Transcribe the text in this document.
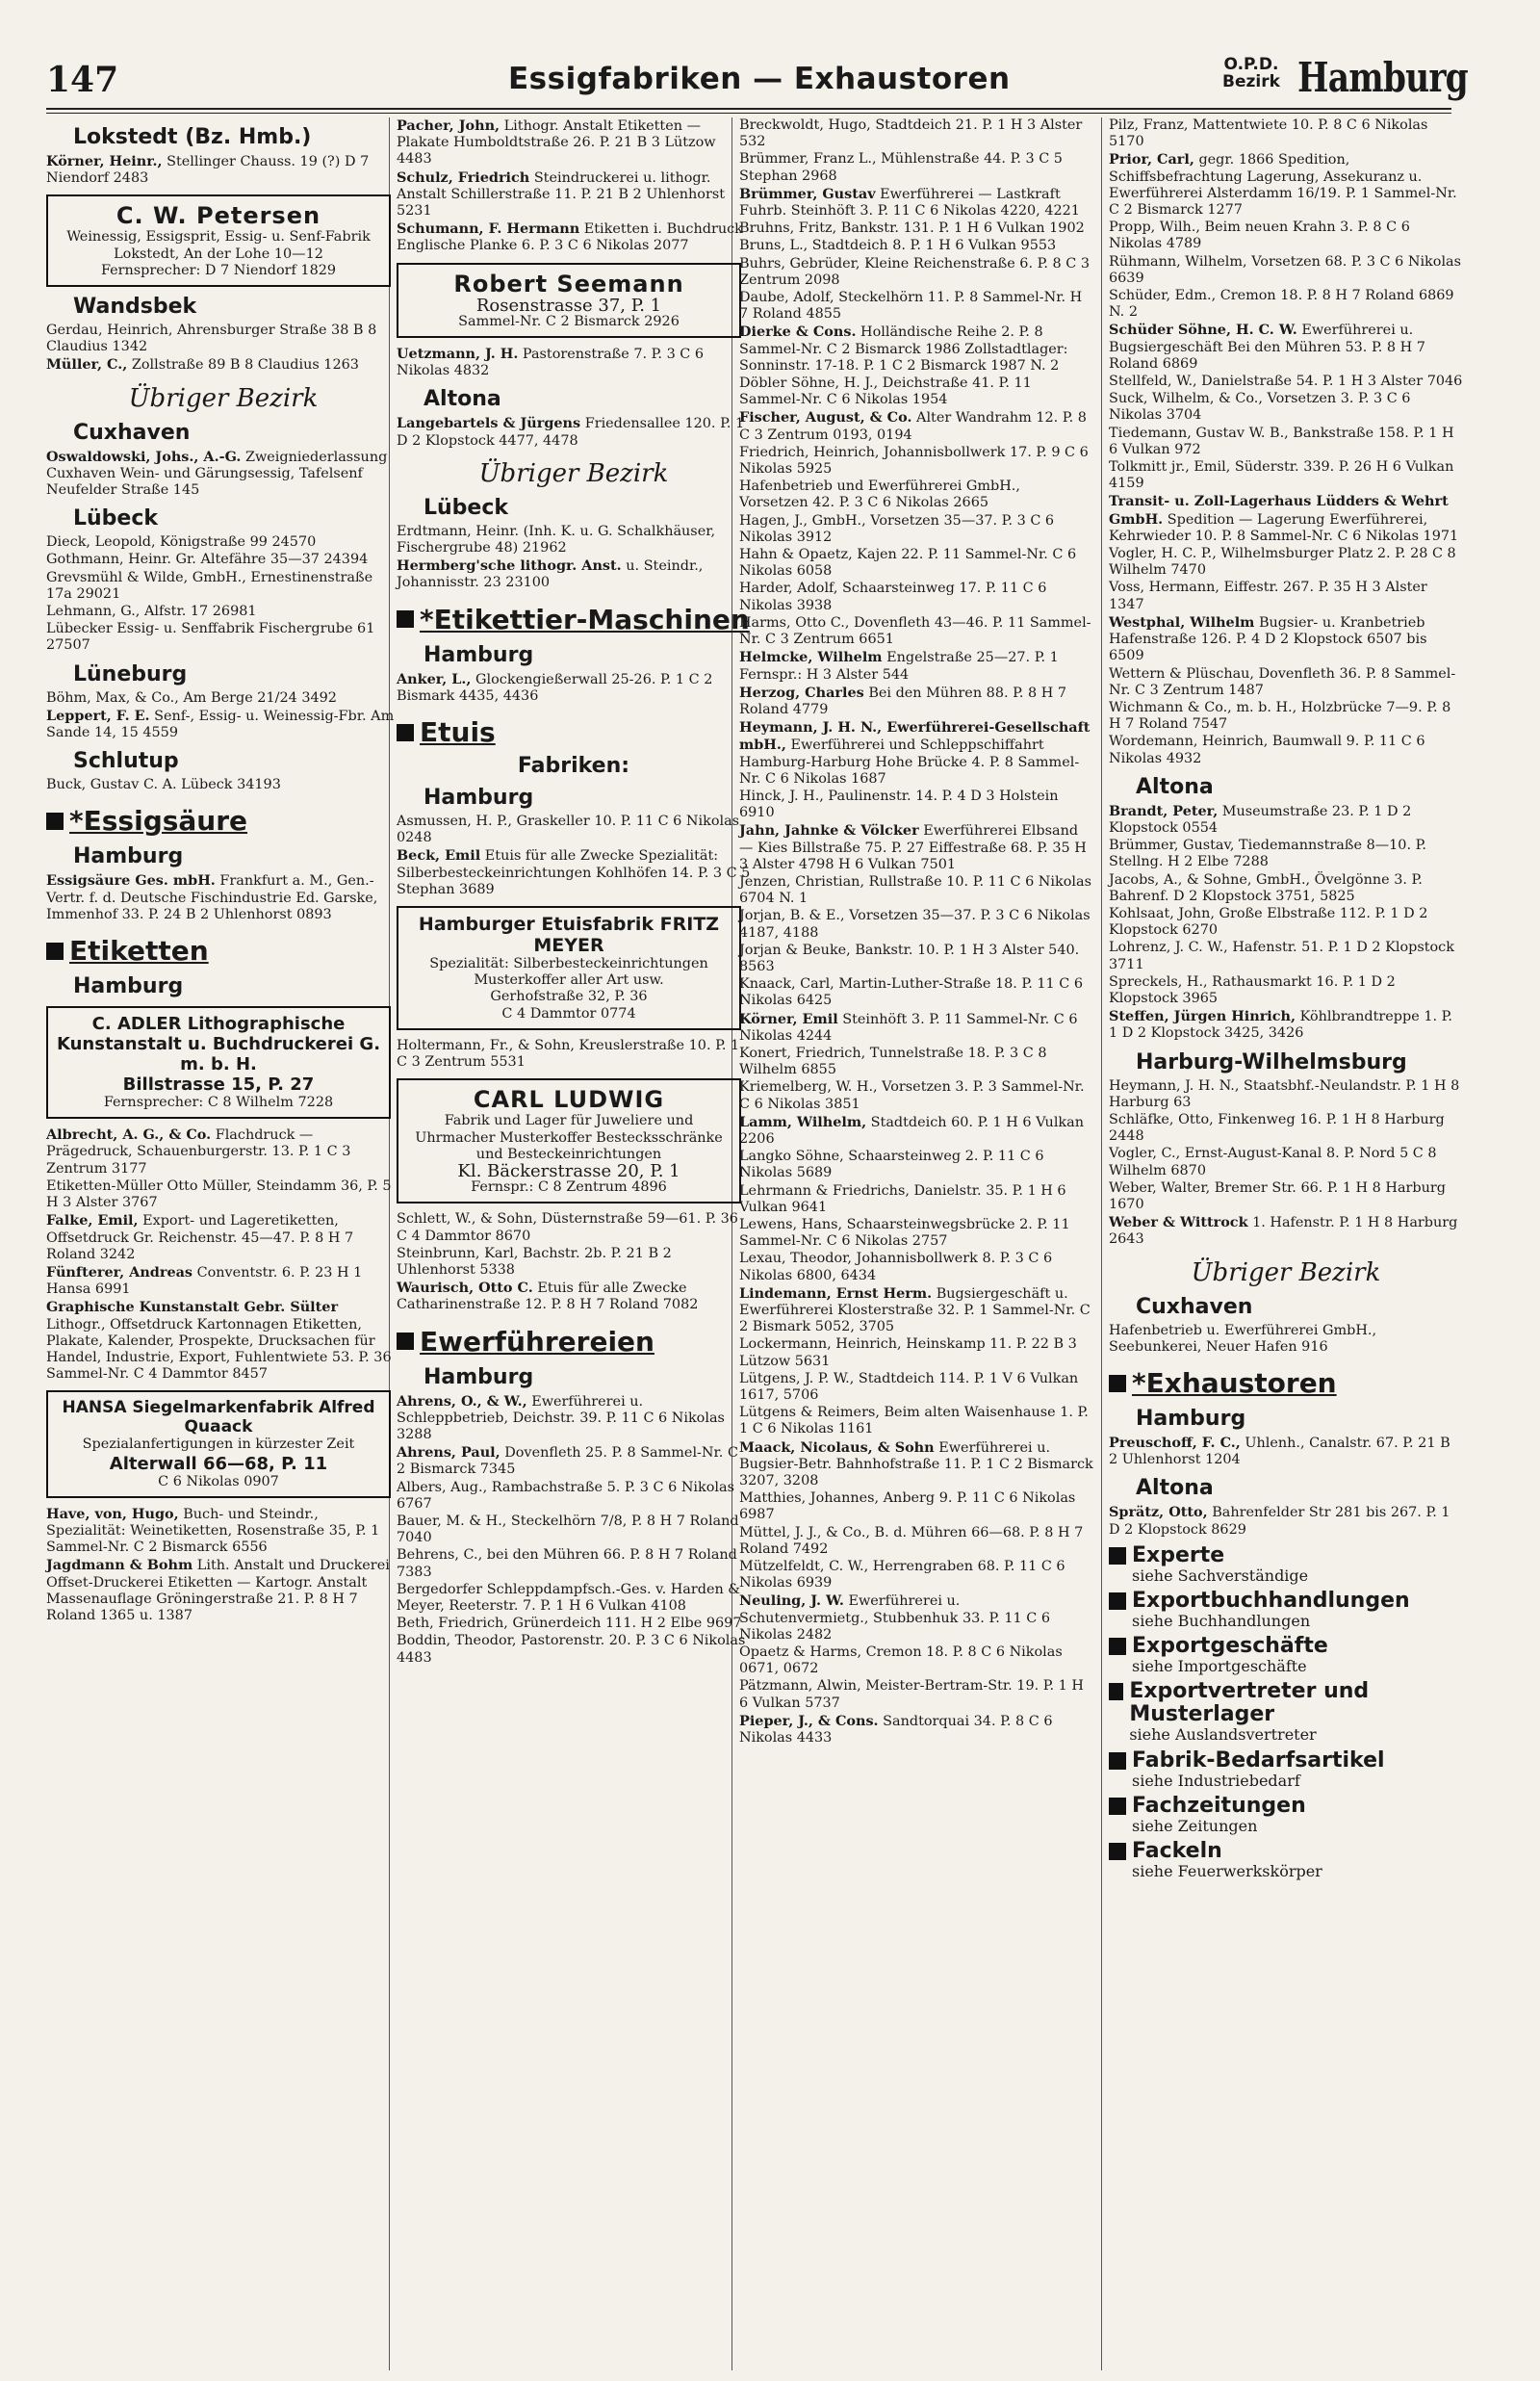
147	Essigfabriken — Exhaustoren	O.P.D.
Bezirk Hamburg
Lokstedt (Bz. Hmb.)
Körner, Heinr., Stellinger Chauss. 19 (?) D 7 Niendorf 2483
C. W. Petersen
Weinessig, Essigsprit, Essig- u. Senf-Fabrik
Lokstedt, An der Lohe 10—12
Fernsprecher: D 7 Niendorf 1829
Wandsbek
Gerdau, Heinrich, Ahrensburger Straße 38 B 8 Claudius 1342
Müller, C., Zollstraße 89 B 8 Claudius 1263
Übriger Bezirk
Cuxhaven
Oswaldowski, Johs., A.-G. Zweigniederlassung Cuxhaven Wein- und Gärungsessig, Tafelsenf Neufelder Straße 145
Lübeck
Dieck, Leopold, Königstraße 99 24570
Gothmann, Heinr. Gr. Altefähre 35—37 24394
Grevsmühl & Wilde, GmbH., Ernestinenstraße 17a 29021
Lehmann, G., Alfstr. 17 26981
Lübecker Essig- u. Senffabrik Fischergrube 61 27507
Lüneburg
Böhm, Max, & Co., Am Berge 21/24 3492
Leppert, F. E. Senf-, Essig- u. Weinessig-Fbr. Am Sande 14, 15 4559
Schlutup
Buck, Gustav C. A. Lübeck 34193
*Essigsäure
Hamburg
Essigsäure Ges. mbH. Frankfurt a. M., Gen.-Vertr. f. d. Deutsche Fischindustrie Ed. Garske, Immenhof 33. P. 24 B 2 Uhlenhorst 0893
Etiketten
Hamburg
C. ADLER Lithographische Kunstanstalt u. Buchdruckerei G. m. b. H.
Billstrasse 15, P. 27
Fernsprecher: C 8 Wilhelm 7228
Albrecht, A. G., & Co. Flachdruck — Prägedruck, Schauenburgerstr. 13. P. 1 C 3 Zentrum 3177
Etiketten-Müller Otto Müller, Steindamm 36, P. 5 H 3 Alster 3767
Falke, Emil, Export- und Lageretiketten, Offsetdruck Gr. Reichenstr. 45—47. P. 8 H 7 Roland 3242
Fünfterer, Andreas Conventstr. 6. P. 23 H 1 Hansa 6991
Graphische Kunstanstalt Gebr. Sülter Lithogr., Offsetdruck Kartonnagen Etiketten, Plakate, Kalender, Prospekte, Drucksachen für Handel, Industrie, Export, Fuhlentwiete 53. P. 36 Sammel-Nr. C 4 Dammtor 8457
HANSA Siegelmarkenfabrik Alfred Quaack
Spezialanfertigungen in kürzester Zeit
Alterwall 66—68, P. 11
C 6 Nikolas 0907
Have, von, Hugo, Buch- und Steindr., Spezialität: Weinetiketten, Rosenstraße 35, P. 1 Sammel-Nr. C 2 Bismarck 6556
Jagdmann & Bohm Lith. Anstalt und Druckerei Offset-Druckerei Etiketten — Kartogr. Anstalt Massenauflage Gröningerstraße 21. P. 8 H 7 Roland 1365 u. 1387
Pacher, John, Lithogr. Anstalt Etiketten — Plakate Humboldtstraße 26. P. 21 B 3 Lützow 4483
Schulz, Friedrich Steindruckerei u. lithogr. Anstalt Schillerstraße 11. P. 21 B 2 Uhlenhorst 5231
Schumann, F. Hermann Etiketten i. Buchdruck Englische Planke 6. P. 3 C 6 Nikolas 2077
Robert Seemann
Rosenstrasse 37, P. 1
Sammel-Nr. C 2 Bismarck 2926
Uetzmann, J. H. Pastorenstraße 7. P. 3 C 6 Nikolas 4832
Altona
Langebartels & Jürgens Friedensallee 120. P. 1 D 2 Klopstock 4477, 4478
Übriger Bezirk
Lübeck
Erdtmann, Heinr. (Inh. K. u. G. Schalkhäuser, Fischergrube 48) 21962
Hermberg'sche lithogr. Anst. u. Steindr., Johannisstr. 23 23100
*Etikettier-Maschinen
Hamburg
Anker, L., Glockengießerwall 25-26. P. 1 C 2 Bismark 4435, 4436
Etuis
Fabriken:
Hamburg
Asmussen, H. P., Graskeller 10. P. 11 C 6 Nikolas 0248
Beck, Emil Etuis für alle Zwecke Spezialität: Silberbesteckeinrichtungen Kohlhöfen 14. P. 3 C 5 Stephan 3689
Hamburger Etuisfabrik FRITZ MEYER
Spezialität: Silberbesteckeinrichtungen Musterkoffer aller Art usw.
Gerhofstraße 32, P. 36
C 4 Dammtor 0774
Holtermann, Fr., & Sohn, Kreuslerstraße 10. P. 1 C 3 Zentrum 5531
CARL LUDWIG
Fabrik und Lager für Juweliere und Uhrmacher Musterkoffer Bestecksschränke und Besteckeinrichtungen
Kl. Bäckerstrasse 20, P. 1
Fernspr.: C 8 Zentrum 4896
Schlett, W., & Sohn, Düsternstraße 59—61. P. 36 C 4 Dammtor 8670
Steinbrunn, Karl, Bachstr. 2b. P. 21 B 2 Uhlenhorst 5338
Waurisch, Otto C. Etuis für alle Zwecke Catharinenstraße 12. P. 8 H 7 Roland 7082
Ewerführereien
Hamburg
Ahrens, O., & W., Ewerführerei u. Schleppbetrieb, Deichstr. 39. P. 11 C 6 Nikolas 3288
Ahrens, Paul, Dovenfleth 25. P. 8 Sammel-Nr. C 2 Bismarck 7345
Albers, Aug., Rambachstraße 5. P. 3 C 6 Nikolas 6767
Bauer, M. & H., Steckelhörn 7/8, P. 8 H 7 Roland 7040
Behrens, C., bei den Mühren 66. P. 8 H 7 Roland 7383
Bergedorfer Schleppdampfsch.-Ges. v. Harden & Meyer, Reeterstr. 7. P. 1 H 6 Vulkan 4108
Beth, Friedrich, Grünerdeich 111. H 2 Elbe 9697
Boddin, Theodor, Pastorenstr. 20. P. 3 C 6 Nikolas 4483
Breckwoldt, Hugo, Stadtdeich 21. P. 1 H 3 Alster 532
Brümmer, Franz L., Mühlenstraße 44. P. 3 C 5 Stephan 2968
Brümmer, Gustav Ewerführerei — Lastkraft Fuhrb. Steinhöft 3. P. 11 C 6 Nikolas 4220, 4221
Bruhns, Fritz, Bankstr. 131. P. 1 H 6 Vulkan 1902
Bruns, L., Stadtdeich 8. P. 1 H 6 Vulkan 9553
Buhrs, Gebrüder, Kleine Reichenstraße 6. P. 8 C 3 Zentrum 2098
Daube, Adolf, Steckelhörn 11. P. 8 Sammel-Nr. H 7 Roland 4855
Dierke & Cons. Holländische Reihe 2. P. 8 Sammel-Nr. C 2 Bismarck 1986 Zollstadtlager: Sonninstr. 17-18. P. 1 C 2 Bismarck 1987 N. 2
Döbler Söhne, H. J., Deichstraße 41. P. 11 Sammel-Nr. C 6 Nikolas 1954
Fischer, August, & Co. Alter Wandrahm 12. P. 8 C 3 Zentrum 0193, 0194
Friedrich, Heinrich, Johannisbollwerk 17. P. 9 C 6 Nikolas 5925
Hafenbetrieb und Ewerführerei GmbH., Vorsetzen 42. P. 3 C 6 Nikolas 2665
Hagen, J., GmbH., Vorsetzen 35—37. P. 3 C 6 Nikolas 3912
Hahn & Opaetz, Kajen 22. P. 11 Sammel-Nr. C 6 Nikolas 6058
Harder, Adolf, Schaarsteinweg 17. P. 11 C 6 Nikolas 3938
Harms, Otto C., Dovenfleth 43—46. P. 11 Sammel-Nr. C 3 Zentrum 6651
Helmcke, Wilhelm Engelstraße 25—27. P. 1 Fernspr.: H 3 Alster 544
Herzog, Charles Bei den Mühren 88. P. 8 H 7 Roland 4779
Heymann, J. H. N., Ewerführerei-Gesellschaft mbH., Ewerführerei und Schleppschiffahrt Hamburg-Harburg Hohe Brücke 4. P. 8 Sammel-Nr. C 6 Nikolas 1687
Hinck, J. H., Paulinenstr. 14. P. 4 D 3 Holstein 6910
Jahn, Jahnke & Völcker Ewerführerei Elbsand — Kies Billstraße 75. P. 27 Eiffestraße 68. P. 35 H 3 Alster 4798 H 6 Vulkan 7501
Jenzen, Christian, Rullstraße 10. P. 11 C 6 Nikolas 6704 N. 1
Jorjan, B. & E., Vorsetzen 35—37. P. 3 C 6 Nikolas 4187, 4188
Jorjan & Beuke, Bankstr. 10. P. 1 H 3 Alster 540. 8563
Knaack, Carl, Martin-Luther-Straße 18. P. 11 C 6 Nikolas 6425
Körner, Emil Steinhöft 3. P. 11 Sammel-Nr. C 6 Nikolas 4244
Konert, Friedrich, Tunnelstraße 18. P. 3 C 8 Wilhelm 6855
Kriemelberg, W. H., Vorsetzen 3. P. 3 Sammel-Nr. C 6 Nikolas 3851
Lamm, Wilhelm, Stadtdeich 60. P. 1 H 6 Vulkan 2206
Langko Söhne, Schaarsteinweg 2. P. 11 C 6 Nikolas 5689
Lehrmann & Friedrichs, Danielstr. 35. P. 1 H 6 Vulkan 9641
Lewens, Hans, Schaarsteinwegsbrücke 2. P. 11 Sammel-Nr. C 6 Nikolas 2757
Lexau, Theodor, Johannisbollwerk 8. P. 3 C 6 Nikolas 6800, 6434
Lindemann, Ernst Herm. Bugsiergeschäft u. Ewerführerei Klosterstraße 32. P. 1 Sammel-Nr. C 2 Bismark 5052, 3705
Lockermann, Heinrich, Heinskamp 11. P. 22 B 3 Lützow 5631
Lütgens, J. P. W., Stadtdeich 114. P. 1 V 6 Vulkan 1617, 5706
Lütgens & Reimers, Beim alten Waisenhause 1. P. 1 C 6 Nikolas 1161
Maack, Nicolaus, & Sohn Ewerführerei u. Bugsier-Betr. Bahnhofstraße 11. P. 1 C 2 Bismarck 3207, 3208
Matthies, Johannes, Anberg 9. P. 11 C 6 Nikolas 6987
Müttel, J. J., & Co., B. d. Mühren 66—68. P. 8 H 7 Roland 7492
Mützelfeldt, C. W., Herrengraben 68. P. 11 C 6 Nikolas 6939
Neuling, J. W. Ewerführerei u. Schutenvermietg., Stubbenhuk 33. P. 11 C 6 Nikolas 2482
Opaetz & Harms, Cremon 18. P. 8 C 6 Nikolas 0671, 0672
Pätzmann, Alwin, Meister-Bertram-Str. 19. P. 1 H 6 Vulkan 5737
Pieper, J., & Cons. Sandtorquai 34. P. 8 C 6 Nikolas 4433
Pilz, Franz, Mattentwiete 10. P. 8 C 6 Nikolas 5170
Prior, Carl, gegr. 1866 Spedition, Schiffsbefrachtung Lagerung, Assekuranz u. Ewerführerei Alsterdamm 16/19. P. 1 Sammel-Nr. C 2 Bismarck 1277
Propp, Wilh., Beim neuen Krahn 3. P. 8 C 6 Nikolas 4789
Rühmann, Wilhelm, Vorsetzen 68. P. 3 C 6 Nikolas 6639
Schüder, Edm., Cremon 18. P. 8 H 7 Roland 6869 N. 2
Schüder Söhne, H. C. W. Ewerführerei u. Bugsiergeschäft Bei den Mühren 53. P. 8 H 7 Roland 6869
Stellfeld, W., Danielstraße 54. P. 1 H 3 Alster 7046
Suck, Wilhelm, & Co., Vorsetzen 3. P. 3 C 6 Nikolas 3704
Tiedemann, Gustav W. B., Bankstraße 158. P. 1 H 6 Vulkan 972
Tolkmitt jr., Emil, Süderstr. 339. P. 26 H 6 Vulkan 4159
Transit- u. Zoll-Lagerhaus Lüdders & Wehrt GmbH. Spedition — Lagerung Ewerführerei, Kehrwieder 10. P. 8 Sammel-Nr. C 6 Nikolas 1971
Vogler, H. C. P., Wilhelmsburger Platz 2. P. 28 C 8 Wilhelm 7470
Voss, Hermann, Eiffestr. 267. P. 35 H 3 Alster 1347
Westphal, Wilhelm Bugsier- u. Kranbetrieb Hafenstraße 126. P. 4 D 2 Klopstock 6507 bis 6509
Wettern & Plüschau, Dovenfleth 36. P. 8 Sammel-Nr. C 3 Zentrum 1487
Wichmann & Co., m. b. H., Holzbrücke 7—9. P. 8 H 7 Roland 7547
Wordemann, Heinrich, Baumwall 9. P. 11 C 6 Nikolas 4932
Altona
Brandt, Peter, Museumstraße 23. P. 1 D 2 Klopstock 0554
Brümmer, Gustav, Tiedemannstraße 8—10. P. Stellng. H 2 Elbe 7288
Jacobs, A., & Sohne, GmbH., Övelgönne 3. P. Bahrenf. D 2 Klopstock 3751, 5825
Kohlsaat, John, Große Elbstraße 112. P. 1 D 2 Klopstock 6270
Lohrenz, J. C. W., Hafenstr. 51. P. 1 D 2 Klopstock 3711
Spreckels, H., Rathausmarkt 16. P. 1 D 2 Klopstock 3965
Steffen, Jürgen Hinrich, Köhlbrandtreppe 1. P. 1 D 2 Klopstock 3425, 3426
Harburg-Wilhelmsburg
Heymann, J. H. N., Staatsbhf.-Neulandstr. P. 1 H 8 Harburg 63
Schläfke, Otto, Finkenweg 16. P. 1 H 8 Harburg 2448
Vogler, C., Ernst-August-Kanal 8. P. Nord 5 C 8 Wilhelm 6870
Weber, Walter, Bremer Str. 66. P. 1 H 8 Harburg 1670
Weber & Wittrock 1. Hafenstr. P. 1 H 8 Harburg 2643
Übriger Bezirk
Cuxhaven
Hafenbetrieb u. Ewerführerei GmbH., Seebunkerei, Neuer Hafen 916
*Exhaustoren
Hamburg
Preuschoff, F. C., Uhlenh., Canalstr. 67. P. 21 B 2 Uhlenhorst 1204
Altona
Sprätz, Otto, Bahrenfelder Str 281 bis 267. P. 1 D 2 Klopstock 8629
Experte
siehe Sachverständige
Exportbuchhandlungen
siehe Buchhandlungen
Exportgeschäfte
siehe Importgeschäfte
Exportvertreter und Musterlager
siehe Auslandsvertreter
Fabrik-Bedarfsartikel
siehe Industriebedarf
Fachzeitungen
siehe Zeitungen
Fackeln
siehe Feuerwerkskörper
